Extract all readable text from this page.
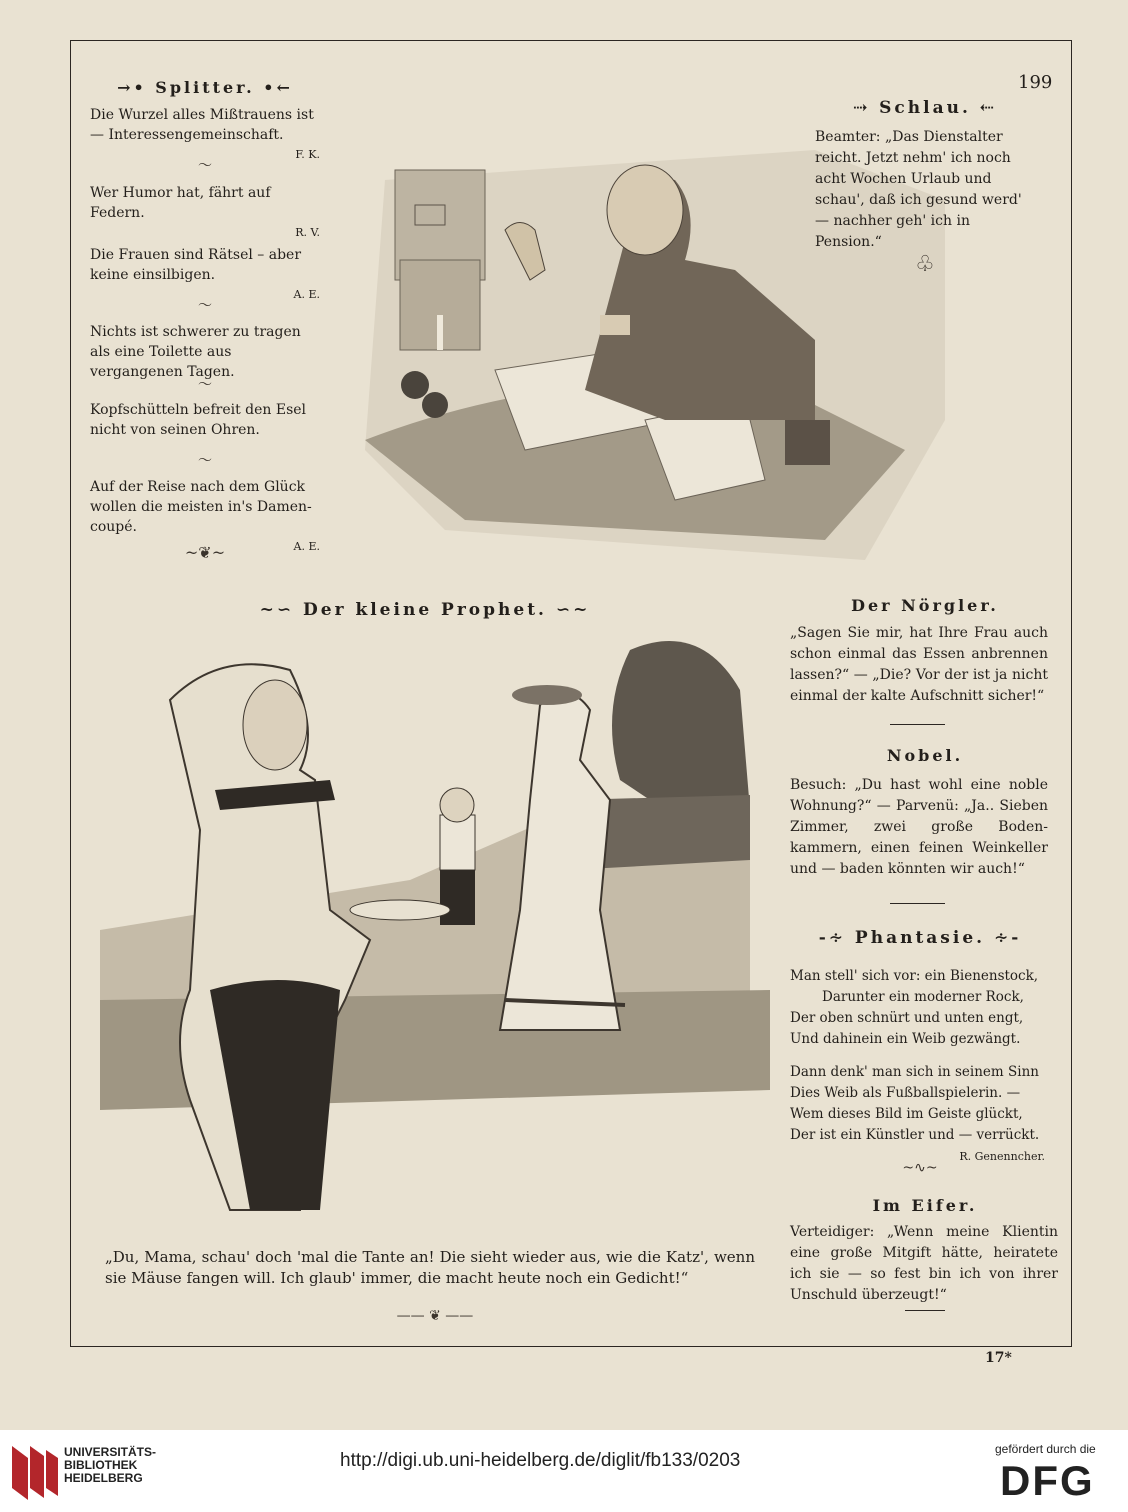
199
→• Splitter. •←
Die Wurzel alles Mißtrauens ist — Interessengemeinschaft.
F. K.
〜
Wer Humor hat, fährt auf Federn.
R. V.
Die Frauen sind Rätsel – aber keine einsilbigen.
A. E.
〜
Nichts ist schwerer zu tragen als eine Toilette aus vergangenen Tagen.
〜
Kopfschütteln befreit den Esel nicht von seinen Ohren.
〜
Auf der Reise nach dem Glück wollen die meisten in's Damen-coupé.
A. E.
~❦~
⇢ Schlau. ⇠
Beamter: „Das Dienstalter reicht. Jetzt nehm' ich noch acht Wochen Urlaub und schau', daß ich gesund werd' — nachher geh' ich in Pension.“
♧
~∽ Der kleine Prophet. ∽~
„Du, Mama, schau' doch 'mal die Tante an! Die sieht wieder aus, wie die Katz', wenn sie Mäuse fangen will. Ich glaub' immer, die macht heute noch ein Gedicht!“
—— ❦ ——
Der Nörgler.
„Sagen Sie mir, hat Ihre Frau auch schon einmal das Essen anbrennen lassen?“ — „Die? Vor der ist ja nicht einmal der kalte Aufschnitt sicher!“
Nobel.
Besuch: „Du hast wohl eine noble Wohnung?“ — Parvenü: „Ja.. Sieben Zimmer, zwei große Boden-kammern, einen feinen Weinkeller und — baden könnten wir auch!“
-∻ Phantasie. ∻-
Man stell' sich vor: ein Bienenstock,
Darunter ein moderner Rock,
Der oben schnürt und unten engt,
Und dahinein ein Weib gezwängt.
Dann denk' man sich in seinem Sinn
Dies Weib als Fußballspielerin. —
Wem dieses Bild im Geiste glückt,
Der ist ein Künstler und — verrückt.
R. Genenncher.
~∿~
Im Eifer.
Verteidiger: „Wenn meine Klientin eine große Mitgift hätte, heiratete ich sie — so fest bin ich von ihrer Unschuld überzeugt!“
17*
UNIVERSITÄTS-
BIBLIOTHEK
HEIDELBERG
http://digi.ub.uni-heidelberg.de/diglit/fb133/0203
gefördert durch die
DFG
